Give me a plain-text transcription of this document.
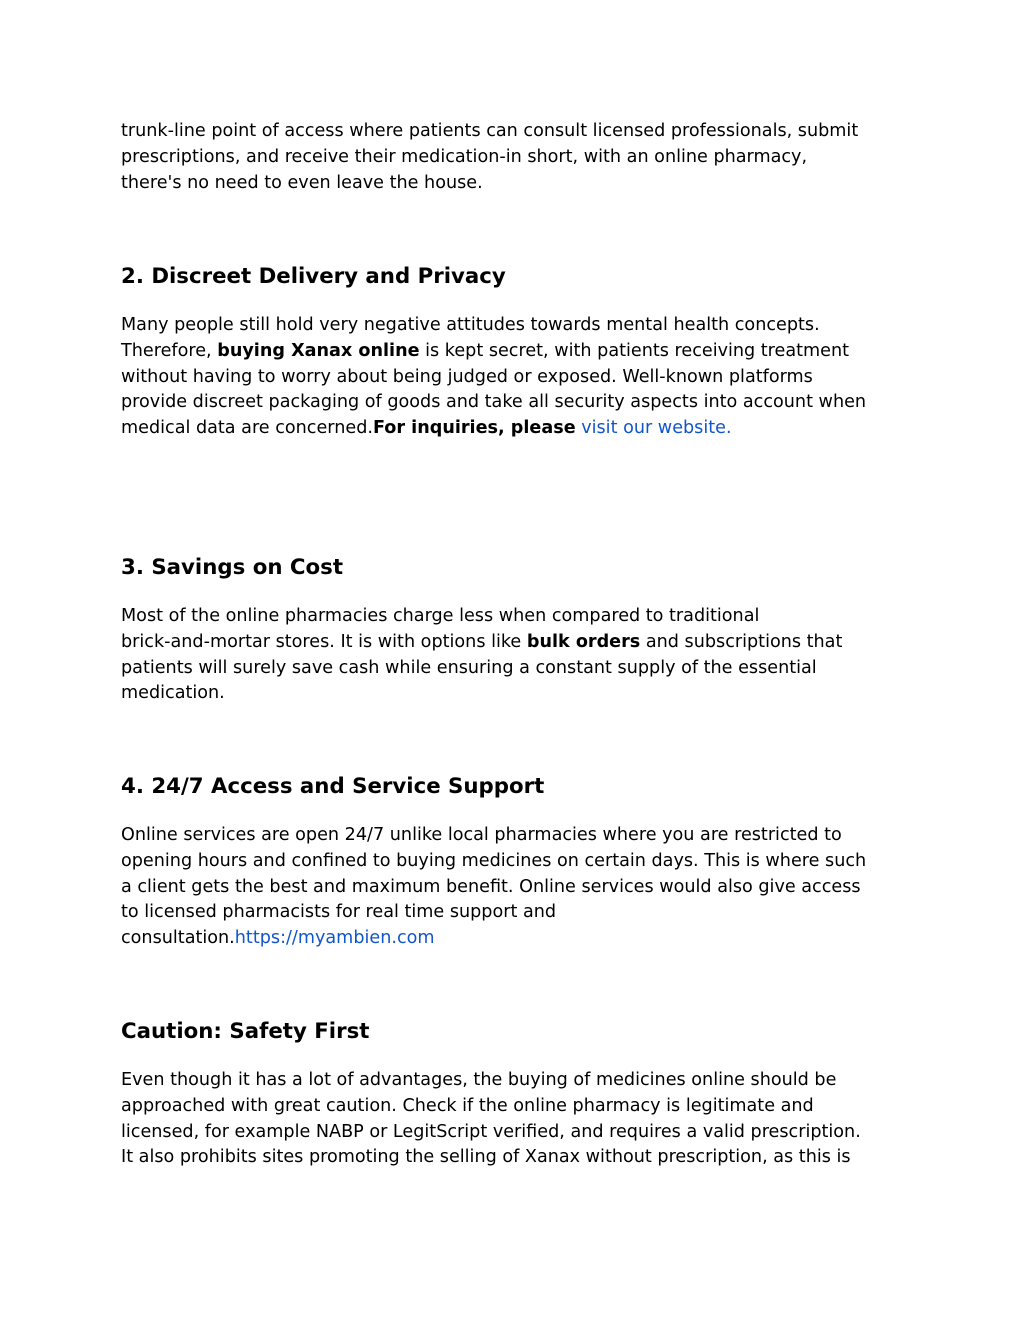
trunk-line point of access where patients can consult licensed professionals, submit
prescriptions, and receive their medication-in short, with an online pharmacy,
there's no need to even leave the house.

2. Discreet Delivery and Privacy

Many people still hold very negative attitudes towards mental health concepts.
Therefore, buying Xanax online is kept secret, with patients receiving treatment
without having to worry about being judged or exposed. Well-known platforms
provide discreet packaging of goods and take all security aspects into account when
medical data are concerned.For inquiries, please visit our website.

3. Savings on Cost

Most of the online pharmacies charge less when compared to traditional
brick-and-mortar stores. It is with options like bulk orders and subscriptions that
patients will surely save cash while ensuring a constant supply of the essential
medication.

4. 24/7 Access and Service Support

Online services are open 24/7 unlike local pharmacies where you are restricted to
opening hours and confined to buying medicines on certain days. This is where such
a client gets the best and maximum benefit. Online services would also give access
to licensed pharmacists for real time support and
consultation.https://myambien.com

Caution: Safety First

Even though it has a lot of advantages, the buying of medicines online should be
approached with great caution. Check if the online pharmacy is legitimate and
licensed, for example NABP or LegitScript verified, and requires a valid prescription.
It also prohibits sites promoting the selling of Xanax without prescription, as this is
